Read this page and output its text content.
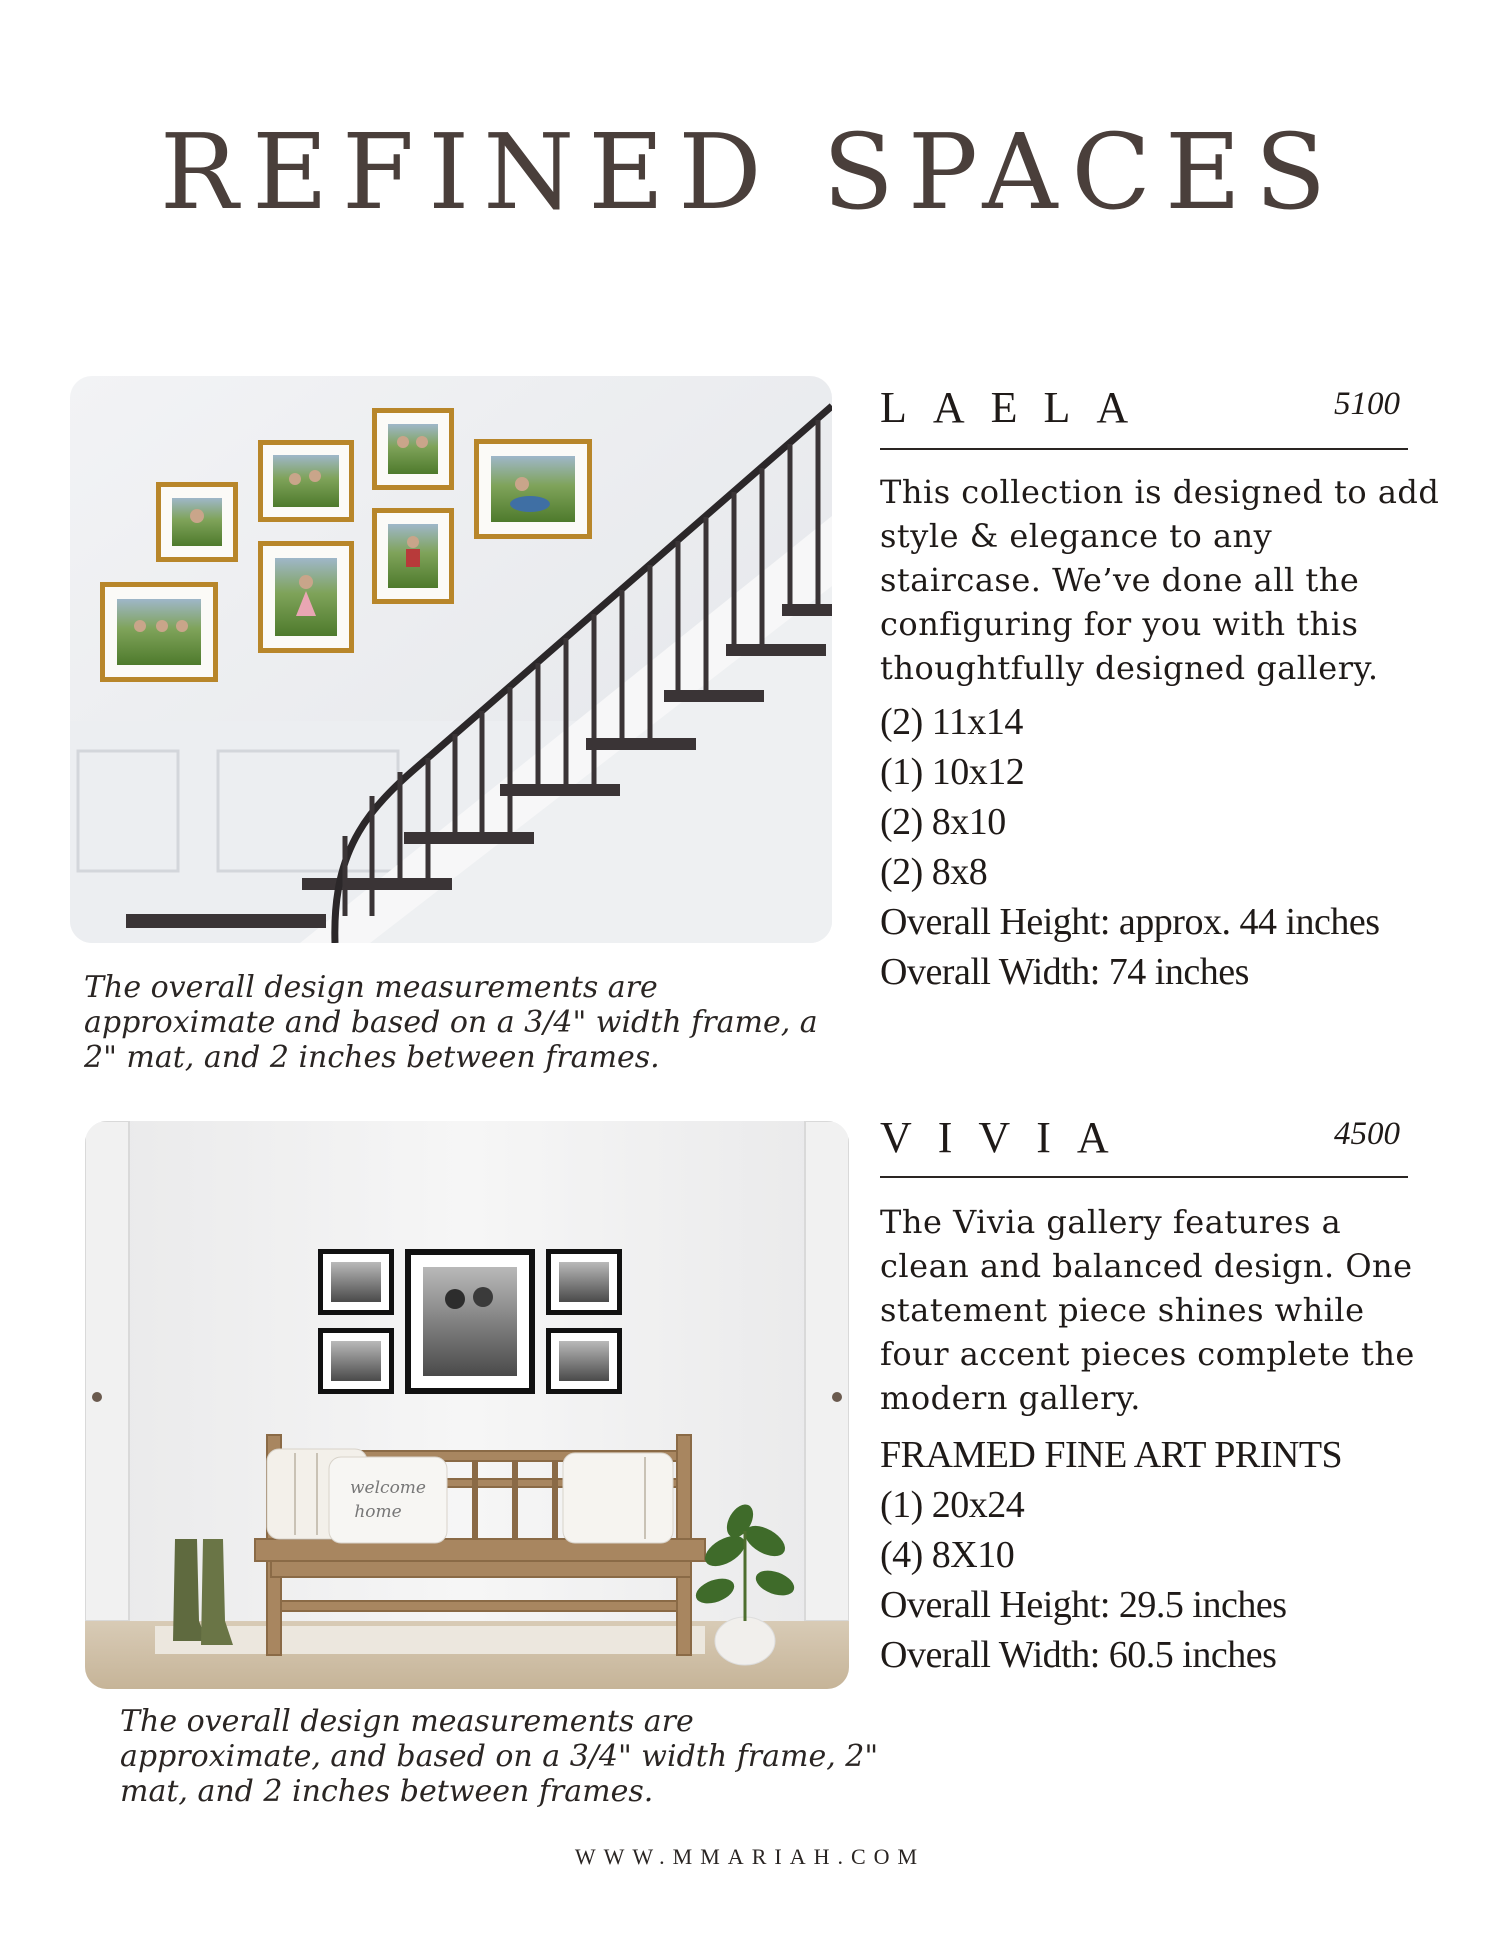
REFINED SPACES
The overall design measurements are approximate and based on a 3/4" width frame, a 2" mat, and 2 inches between frames.
LAELA	5100
This collection is designed to add style & elegance to any staircase. We’ve done all the configuring for you with this thoughtfully designed gallery.
(2) 11x14
(1) 10x12
(2) 8x10
(2) 8x8
Overall Height: approx. 44 inches
Overall Width: 74 inches
welcome
home
The overall design measurements are approximate, and based on a 3/4" width frame, 2" mat, and 2 inches between frames.
VIVIA	4500
The Vivia gallery features a clean and balanced design. One statement piece shines while four accent pieces complete the modern gallery.
FRAMED FINE ART PRINTS
(1) 20x24
(4) 8X10
Overall Height: 29.5 inches
Overall Width: 60.5 inches
WWW.MMARIAH.COM
